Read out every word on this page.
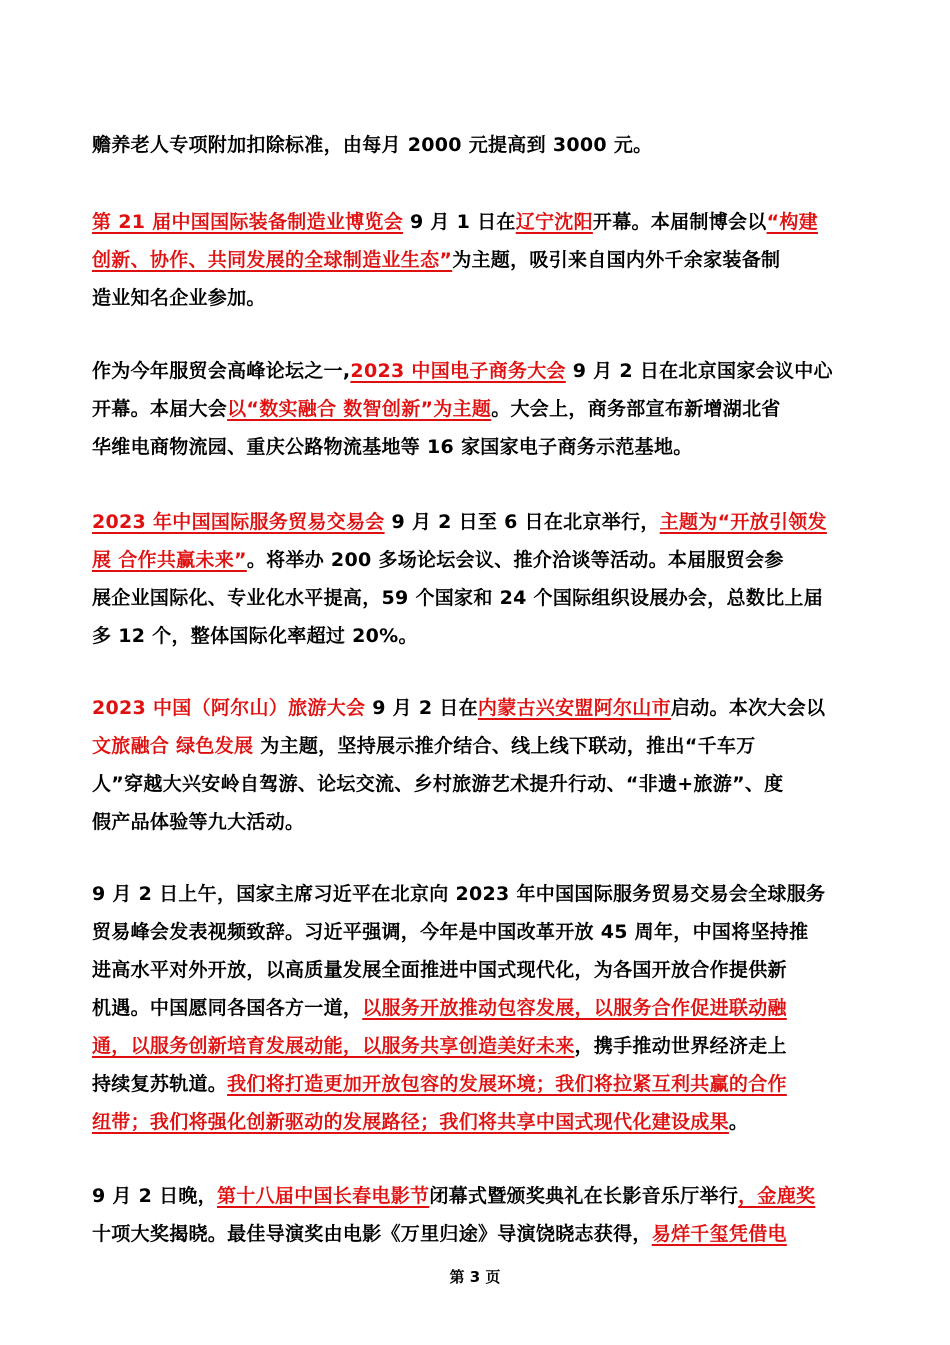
赡养老人专项附加扣除标准，由每月 2000 元提高到 3000 元。
第 21 届中国国际装备制造业博览会 9 月 1 日在辽宁沈阳开幕。本届制博会以“构建
创新、协作、共同发展的全球制造业生态”为主题，吸引来自国内外千余家装备制
造业知名企业参加。
作为今年服贸会高峰论坛之一,2023 中国电子商务大会 9 月 2 日在北京国家会议中心
开幕。本届大会以“数实融合 数智创新”为主题。大会上，商务部宣布新增湖北省
华维电商物流园、重庆公路物流基地等 16 家国家电子商务示范基地。
2023 年中国国际服务贸易交易会 9 月 2 日至 6 日在北京举行，主题为“开放引领发
展 合作共赢未来”。将举办 200 多场论坛会议、推介洽谈等活动。本届服贸会参
展企业国际化、专业化水平提高，59 个国家和 24 个国际组织设展办会，总数比上届
多 12 个，整体国际化率超过 20%。
2023 中国（阿尔山）旅游大会 9 月 2 日在内蒙古兴安盟阿尔山市启动。本次大会以
文旅融合 绿色发展 为主题，坚持展示推介结合、线上线下联动，推出“千车万
人”穿越大兴安岭自驾游、论坛交流、乡村旅游艺术提升行动、“非遗+旅游”、度
假产品体验等九大活动。
9 月 2 日上午，国家主席习近平在北京向 2023 年中国国际服务贸易交易会全球服务
贸易峰会发表视频致辞。习近平强调，今年是中国改革开放 45 周年，中国将坚持推
进高水平对外开放，以高质量发展全面推进中国式现代化，为各国开放合作提供新
机遇。中国愿同各国各方一道，以服务开放推动包容发展，以服务合作促进联动融
通，以服务创新培育发展动能，以服务共享创造美好未来，携手推动世界经济走上
持续复苏轨道。我们将打造更加开放包容的发展环境；我们将拉紧互利共赢的合作
纽带；我们将强化创新驱动的发展路径；我们将共享中国式现代化建设成果。
9 月 2 日晚，第十八届中国长春电影节闭幕式暨颁奖典礼在长影音乐厅举行，金鹿奖
十项大奖揭晓。最佳导演奖由电影《万里归途》导演饶晓志获得，易烊千玺凭借电
第 3 页
